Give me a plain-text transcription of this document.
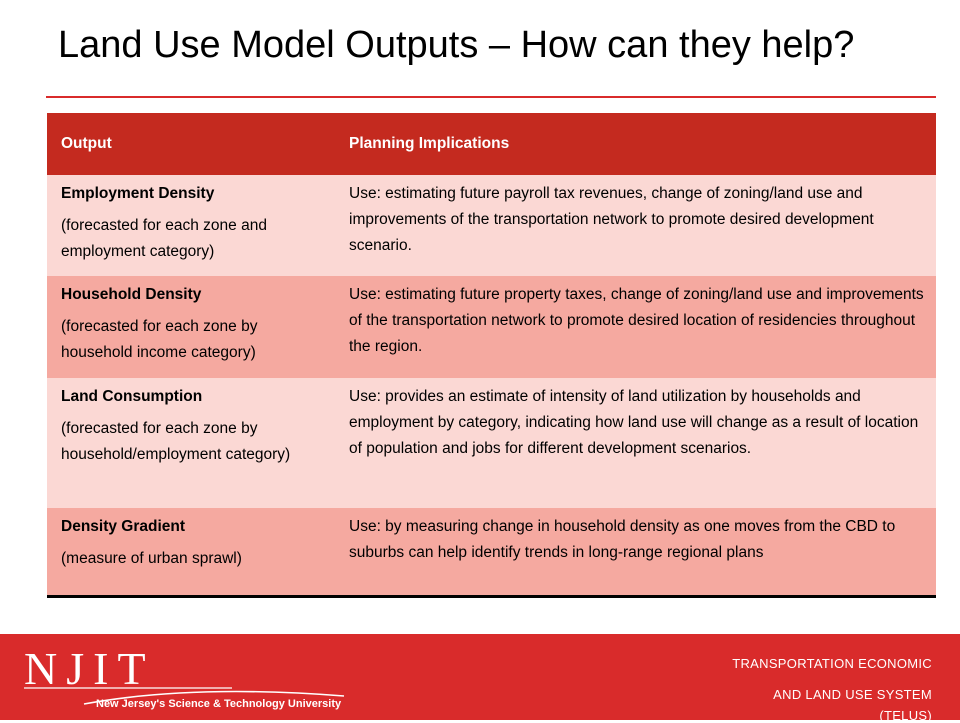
Land Use Model Outputs – How can they help?
Output	Planning Implications

Employment Density
(forecasted for each zone and employment category)	Use: estimating future payroll tax revenues, change of zoning/land use and improvements of the transportation network to promote desired development scenario.

Household Density
(forecasted for each zone by household income category)	Use: estimating future property taxes, change of zoning/land use and improvements of the transportation network to promote desired location of residencies throughout the region.

Land Consumption
(forecasted for each zone by household/employment category)	Use: provides an estimate of intensity of land utilization by households and employment by category, indicating how land use will change as a result of location of population and jobs for different development scenarios.

Density Gradient
(measure of urban sprawl)	Use: by measuring change in household density as one moves from the CBD to suburbs can help identify trends in long-range regional plans
NJIT
New Jersey's Science & Technology University
TRANSPORTATION ECONOMIC
AND LAND USE SYSTEM
(TELUS)
